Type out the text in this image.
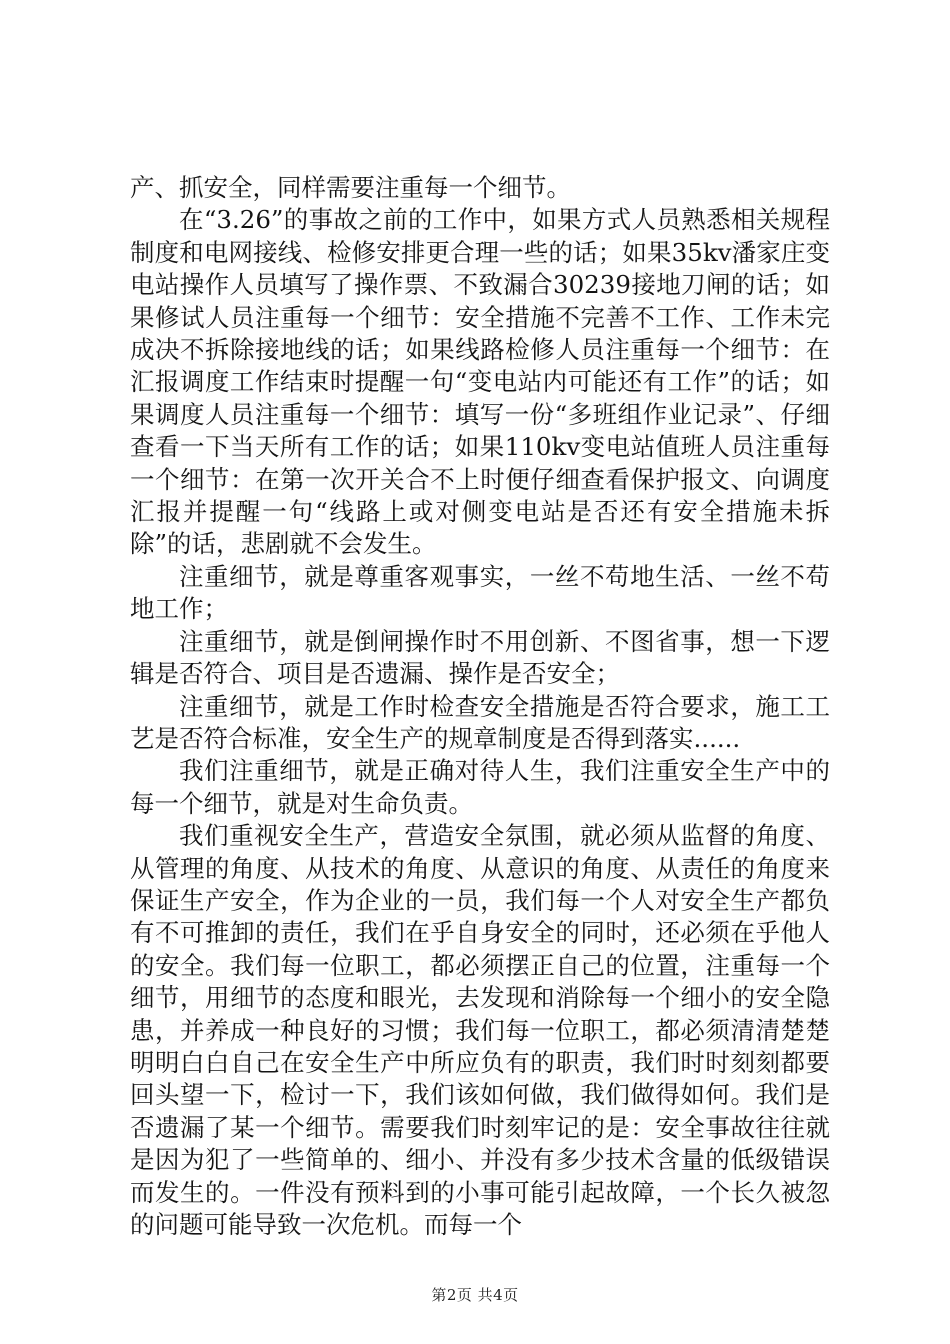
产、抓安全，同样需要注重每一个细节。

在“3.26”的事故之前的工作中，如果方式人员熟悉相关规程制度和电网接线、检修安排更合理一些的话；如果35kv潘家庄变电站操作人员填写了操作票、不致漏合30239接地刀闸的话；如果修试人员注重每一个细节：安全措施不完善不工作、工作未完成决不拆除接地线的话；如果线路检修人员注重每一个细节：在汇报调度工作结束时提醒一句“变电站内可能还有工作”的话；如果调度人员注重每一个细节：填写一份“多班组作业记录”、仔细查看一下当天所有工作的话；如果110kv变电站值班人员注重每一个细节：在第一次开关合不上时便仔细查看保护报文、向调度汇报并提醒一句“线路上或对侧变电站是否还有安全措施未拆除”的话，悲剧就不会发生。

注重细节，就是尊重客观事实，一丝不苟地生活、一丝不苟地工作；

注重细节，就是倒闸操作时不用创新、不图省事，想一下逻辑是否符合、项目是否遗漏、操作是否安全；

注重细节，就是工作时检查安全措施是否符合要求，施工工艺是否符合标准，安全生产的规章制度是否得到落实......

我们注重细节，就是正确对待人生，我们注重安全生产中的每一个细节，就是对生命负责。

我们重视安全生产，营造安全氛围，就必须从监督的角度、从管理的角度、从技术的角度、从意识的角度、从责任的角度来保证生产安全，作为企业的一员，我们每一个人对安全生产都负有不可推卸的责任，我们在乎自身安全的同时，还必须在乎他人的安全。我们每一位职工，都必须摆正自己的位置，注重每一个细节，用细节的态度和眼光，去发现和消除每一个细小的安全隐患，并养成一种良好的习惯；我们每一位职工，都必须清清楚楚明明白白自己在安全生产中所应负有的职责，我们时时刻刻都要回头望一下，检讨一下，我们该如何做，我们做得如何。我们是否遗漏了某一个细节。需要我们时刻牢记的是：安全事故往往就是因为犯了一些简单的、细小、并没有多少技术含量的低级错误而发生的。一件没有预料到的小事可能引起故障，一个长久被忽的问题可能导致一次危机。而每一个

第2页 共4页
